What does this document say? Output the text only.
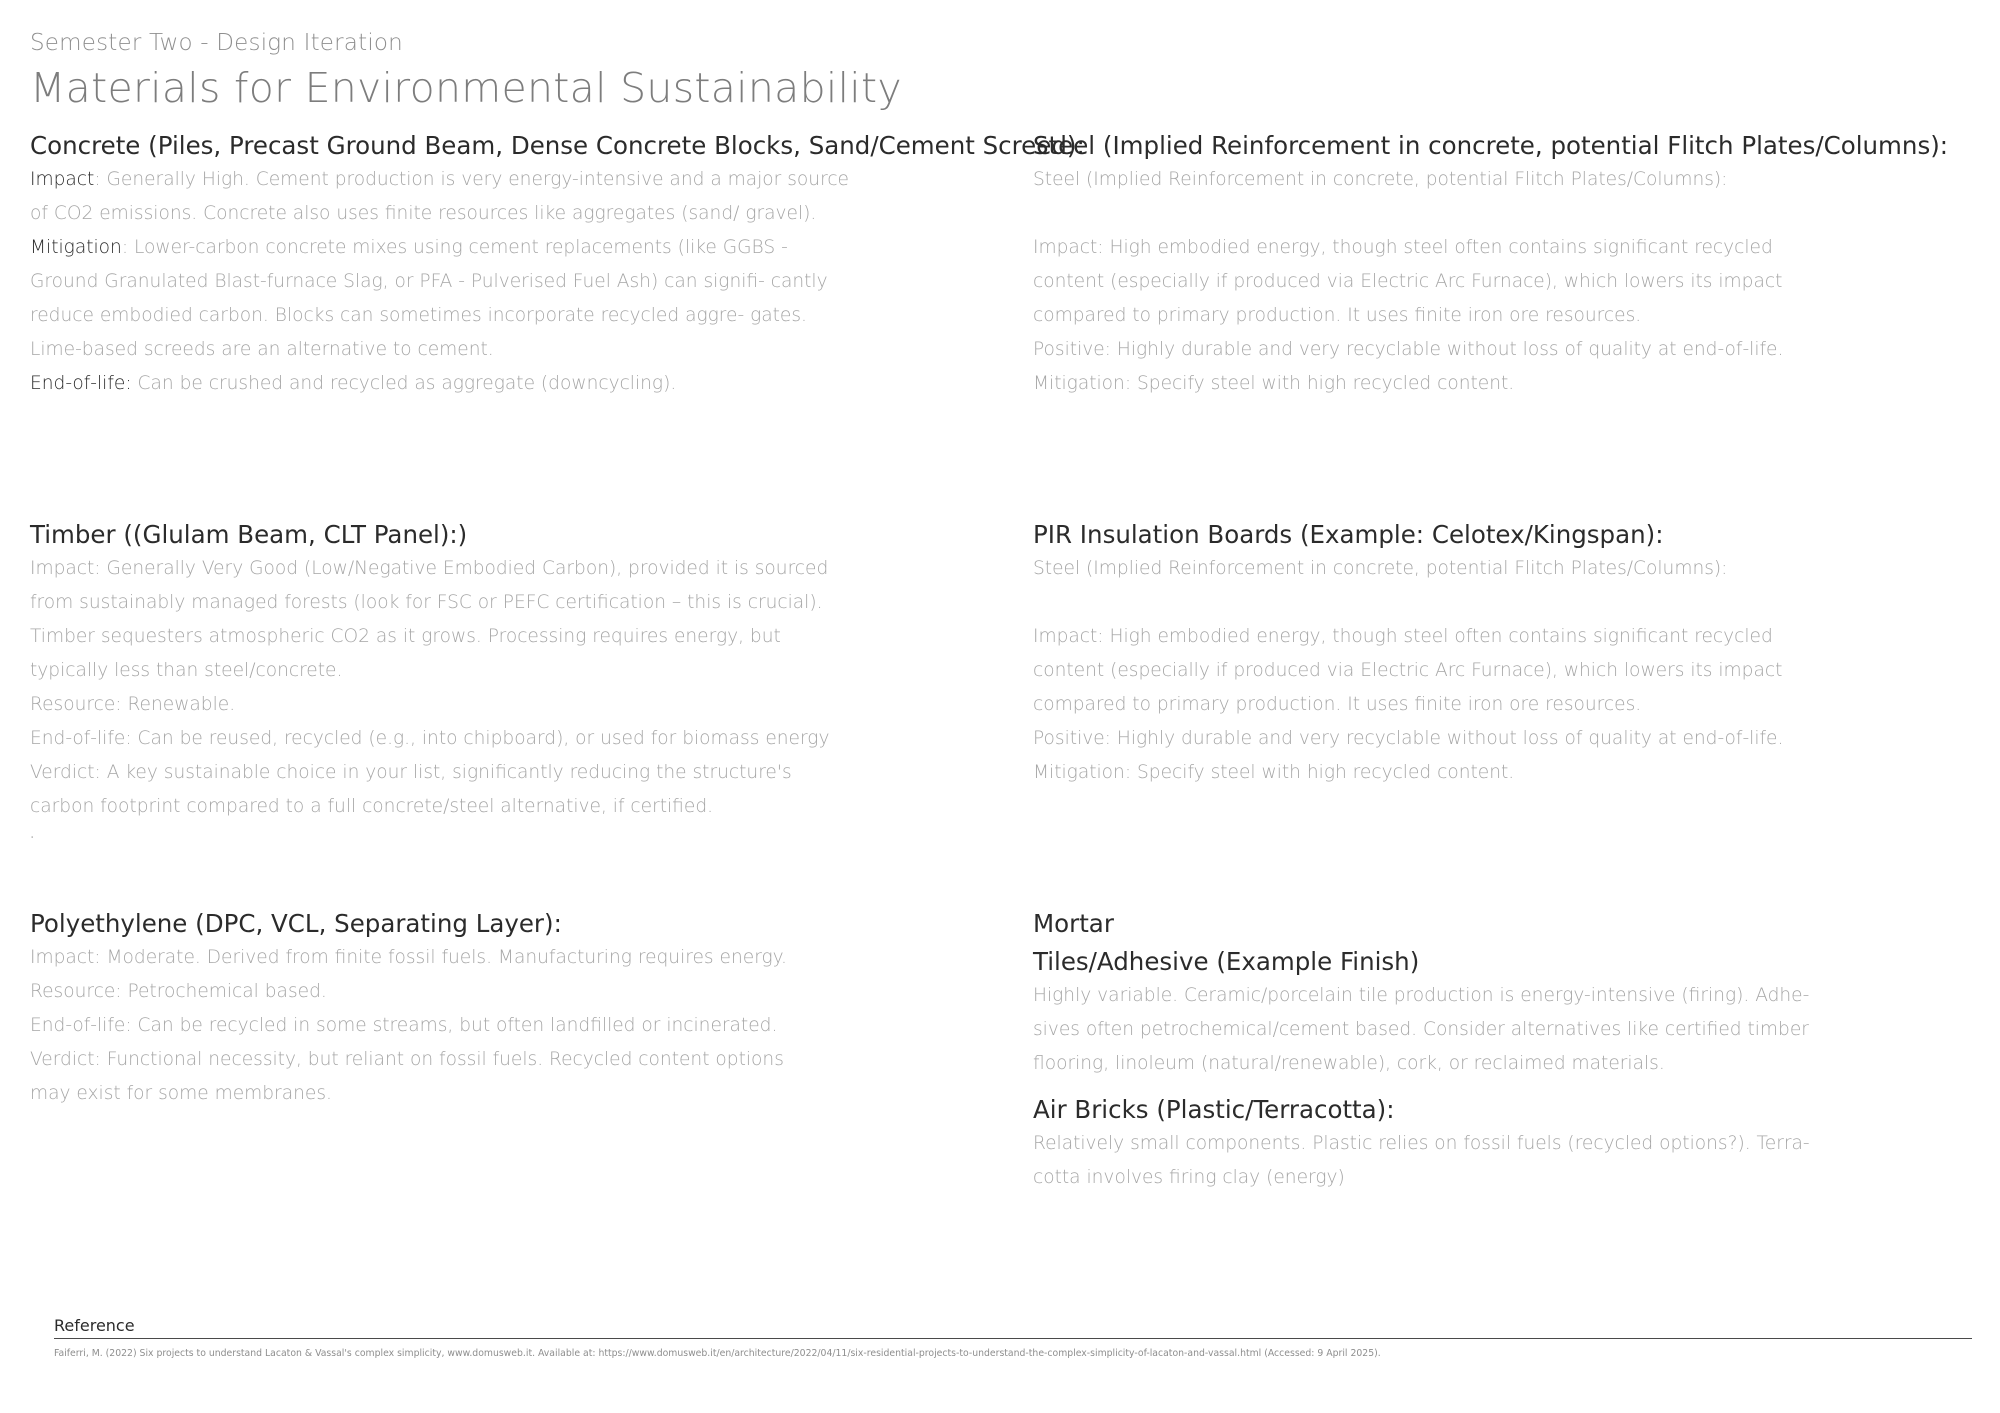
Semester Two - Design Iteration
Materials for Environmental Sustainability

Concrete (Piles, Precast Ground Beam, Dense Concrete Blocks, Sand/Cement Screed):

Impact: Generally High. Cement production is very energy-intensive and a major source of CO2 emissions. Concrete also uses finite resources like aggregates (sand/ gravel).

Mitigation: Lower-carbon concrete mixes using cement replacements (like GGBS - Ground Granulated Blast-furnace Slag, or PFA - Pulverised Fuel Ash) can signifi- cantly reduce embodied carbon. Blocks can sometimes incorporate recycled aggre- gates. Lime-based screeds are an alternative to cement.

End-of-life: Can be crushed and recycled as aggregate (downcycling).

Steel (Implied Reinforcement in concrete, potential Flitch Plates/Columns):

Steel (Implied Reinforcement in concrete, potential Flitch Plates/Columns):

Impact: High embodied energy, though steel often contains significant recycled content (especially if produced via Electric Arc Furnace), which lowers its impact compared to primary production. It uses finite iron ore resources.

Positive: Highly durable and very recyclable without loss of quality at end-of-life.

Mitigation: Specify steel with high recycled content.

Timber ((Glulam Beam, CLT Panel):)

Impact: Generally Very Good (Low/Negative Embodied Carbon), provided it is sourced from sustainably managed forests (look for FSC or PEFC certification – this is crucial). Timber sequesters atmospheric CO2 as it grows. Processing requires energy, but typically less than steel/concrete.

Resource: Renewable.

End-of-life: Can be reused, recycled (e.g., into chipboard), or used for biomass energy

Verdict: A key sustainable choice in your list, significantly reducing the structure's carbon footprint compared to a full concrete/steel alternative, if certified.

.

PIR Insulation Boards (Example: Celotex/Kingspan):

Steel (Implied Reinforcement in concrete, potential Flitch Plates/Columns):

Impact: High embodied energy, though steel often contains significant recycled content (especially if produced via Electric Arc Furnace), which lowers its impact compared to primary production. It uses finite iron ore resources.

Positive: Highly durable and very recyclable without loss of quality at end-of-life.

Mitigation: Specify steel with high recycled content.

Polyethylene (DPC, VCL, Separating Layer):

Impact: Moderate. Derived from finite fossil fuels. Manufacturing requires energy.

Resource: Petrochemical based.

End-of-life: Can be recycled in some streams, but often landfilled or incinerated.

Verdict: Functional necessity, but reliant on fossil fuels. Recycled content options may exist for some membranes.

Mortar

Tiles/Adhesive (Example Finish)

Highly variable. Ceramic/porcelain tile production is energy-intensive (firing). Adhe- sives often petrochemical/cement based. Consider alternatives like certified timber flooring, linoleum (natural/renewable), cork, or reclaimed materials.

Air Bricks (Plastic/Terracotta):

Relatively small components. Plastic relies on fossil fuels (recycled options?). Terra- cotta involves firing clay (energy)

Reference
Faiferri, M. (2022) Six projects to understand Lacaton & Vassal's complex simplicity, www.domusweb.it. Available at: https://www.domusweb.it/en/architecture/2022/04/11/six-residential-projects-to-understand-the-complex-simplicity-of-lacaton-and-vassal.html (Accessed: 9 April 2025).
